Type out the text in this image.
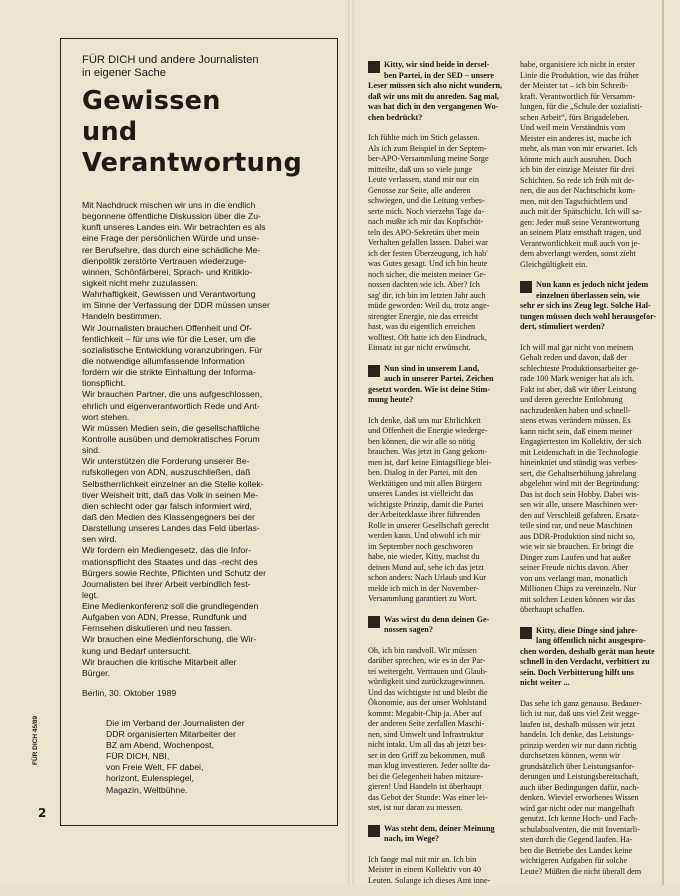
FÜR DICH und andere Journalisten
in eigener Sache
Gewissen
und
Verantwortung
Mit Nachdruck mischen wir uns in die endlich
begonnene öffentliche Diskussion über die Zu-
kunft unseres Landes ein. Wir betrachten es als
eine Frage der persönlichen Würde und unse-
rer Berufsehre, das durch eine schädliche Me-
dienpolitik zerstörte Vertrauen wiederzuge-
winnen, Schönfärberei, Sprach- und Kritiklo-
sigkeit nicht mehr zuzulassen.
Wahrhaftigkeit, Gewissen und Verantwortung
im Sinne der Verfassung der DDR müssen unser
Handeln bestimmen.
Wir Journalisten brauchen Offenheit und Öf-
fentlichkeit – für uns wie für die Leser, um die
sozialistische Entwicklung voranzubringen. Für
die notwendige allumfassende Information
fordern wir die strikte Einhaltung der Informa-
tionspflicht.
Wir brauchen Partner, die uns aufgeschlossen,
ehrlich und eigenverantwortlich Rede und Ant-
wort stehen.
Wir müssen Medien sein, die gesellschaftliche
Kontrolle ausüben und demokratisches Forum
sind.
Wir unterstützen die Forderung unserer Be-
rufskollegen von ADN, auszuschließen, daß
Selbstherrlichkeit einzelner an die Stelle kollek-
tiver Weisheit tritt, daß das Volk in seinen Me-
dien schlecht oder gar falsch informiert wird,
daß den Medien des Klassengegners bei der
Darstellung unseres Landes das Feld überlas-
sen wird.
Wir fordern ein Mediengesetz, das die Infor-
mationspflicht des Staates und das -recht des
Bürgers sowie Rechte, Pflichten und Schutz der
Journalisten bei ihrer Arbeit verbindlich fest-
legt.
Eine Medienkonferenz soll die grundlegenden
Aufgaben von ADN, Presse, Rundfunk und
Fernsehen diskutieren und neu fassen.
Wir brauchen eine Medienforschung, die Wir-
kung und Bedarf untersucht.
Wir brauchen die kritische Mitarbeit aller
Bürger.
Berlin, 30. Oktober 1989
Die im Verband der Journalisten der
DDR organisierten Mitarbeiter der
BZ am Abend, Wochenpost,
FÜR DICH, NBI,
von Freie Welt, FF dabei,
horizont, Eulenspiegel,
Magazin, Weltbühne.
FÜR DICH 45/89
2
Kitty, wir sind beide in dersel-
ben Partei, in der SED – unsere
Leser müssen sich also nicht wundern,
daß wir uns mit du anreden. Sag mal,
was hat dich in den vergangenen Wo-
chen bedrückt?
Ich fühlte mich im Stich gelassen.
Als ich zum Beispiel in der Septem-
ber-APO-Versammlung meine Sorge
mitteilte, daß uns so viele junge
Leute verlassen, stand mir nur ein
Genosse zur Seite, alle anderen
schwiegen, und die Leitung verbes-
serte mich. Noch vierzehn Tage da-
nach mußte ich mir das Kopfschüt-
teln des APO-Sekretärs über mein
Verhalten gefallen lassen. Dabei war
ich der festen Überzeugung, ich hab'
was Gutes gesagt. Und ich bin heute
noch sicher, die meisten meiner Ge-
nossen dachten wie ich. Aber? Ich
sag' dir, ich bin im letzten Jahr auch
müde geworden: Weil du, trotz ange-
strengter Energie, nie das erreicht
hast, was du eigentlich erreichen
wolltest. Oft hatte ich den Eindruck,
Einsatz ist gar nicht erwünscht.
Nun sind in unserem Land,
auch in unserer Partei, Zeichen
gesetzt worden. Wie ist deine Stim-
mung heute?
Ich denke, daß uns nur Ehrlichkeit
und Offenheit die Energie wiederge-
ben können, die wir alle so nötig
brauchen. Was jetzt in Gang gekom-
men ist, darf keine Eintagsfliege blei-
ben. Dialog in der Partei, mit den
Werktätigen und mit allen Bürgern
unseres Landes ist vielleicht das
wichtigste Prinzip, damit die Partei
der Arbeiterklasse ihrer führenden
Rolle in unserer Gesellschaft gerecht
werden kann. Und obwohl ich mir
im September noch geschworen
habe, nie wieder, Kitty, machst du
deinen Mund auf, sehe ich das jetzt
schon anders: Nach Urlaub und Kur
melde ich mich in der November-
Versammlung garantiert zu Wort.
Was wirst du denn deinen Ge-
nossen sagen?
Oh, ich bin randvoll. Wir müssen
darüber sprechen, wie es in der Par-
tei weitergeht. Vertrauen und Glaub-
würdigkeit sind zurückzugewinnen.
Und das wichtigste ist und bleibt die
Ökonomie, aus der unser Wohlstand
kommt: Megabit-Chip ja. Aber auf
der anderen Seite zerfallen Maschi-
nen, sind Umwelt und Infrastruktur
nicht intakt. Um all das ab jetzt bes-
ser in den Griff zu bekommen, muß
man klug investieren. Jeder sollte da-
bei die Gelegenheit haben mitzure-
gieren! Und Handeln ist überhaupt
das Gebot der Stunde: Was einer lei-
stet, ist nur daran zu messen.
Was steht dem, deiner Meinung
nach, im Wege?
Ich fange mal mit mir an. Ich bin
Meister in einem Kollektiv von 40
Leuten. Solange ich dieses Amt inne-
habe, organisiere ich nicht in erster
Linie die Produktion, wie das früher
der Meister tat – ich bin Schreib-
kraft. Verantwortlich für Versamm-
lungen, für die „Schule der sozialisti-
schen Arbeit“, fürs Brigadeleben.
Und weil mein Verständnis vom
Meister ein anderes ist, mache ich
mehr, als man von mir erwartet. Ich
könnte mich auch ausruhen. Doch
ich bin der einzige Meister für drei
Schichten. So rede ich früh mit de-
nen, die aus der Nachtschicht kom-
men, mit den Tagschichtlern und
auch mit der Spätschicht. Ich will sa-
gen: Jeder muß seine Verantwortung
an seinem Platz ernsthaft tragen, und
Verantwortlichkeit muß auch von je-
dem abverlangt werden, sonst zieht
Gleichgültigkeit ein.
Nun kann es jedoch nicht jedem
einzelnen überlassen sein, wie
sehr er sich ins Zeug legt. Solche Hal-
tungen müssen doch wohl herausgefor-
dert, stimuliert werden?
Ich will mal gar nicht von meinem
Gehalt reden und davon, daß der
schlechteste Produktionsarbeiter ge-
rade 100 Mark weniger hat als ich.
Fakt ist aber, daß wir über Leistung
und deren gerechte Entlohnung
nachzudenken haben und schnell-
stens etwas verändern müssen. Es
kann nicht sein, daß einem meiner
Engagiertesten im Kollektiv, der sich
mit Leidenschaft in die Technologie
hineinkniet und ständig was verbes-
sert, die Gehaltserhöhung jahrelang
abgelehnt wird mit der Begründung:
Das ist doch sein Hobby. Dabei wis-
sen wir alle, unsere Maschinen wer-
den auf Verschleiß gefahren. Ersatz-
teile sind rar, und neue Maschinen
aus DDR-Produktion sind nicht so,
wie wir sie brauchen. Er bringt die
Dinger zum Laufen und hat außer
seiner Freude nichts davon. Aber
von uns verlangt man, monatlich
Millionen Chips zu vereinzeln. Nur
mit solchen Leuten können wir das
überhaupt schaffen.
Kitty, diese Dinge sind jahre-
lang öffentlich nicht ausgespro-
chen worden, deshalb gerät man heute
schnell in den Verdacht, verbittert zu
sein. Doch Verbitterung hilft uns
nicht weiter ...
Das sehe ich ganz genauso. Bedauer-
lich ist nur, daß uns viel Zeit wegge-
laufen ist, deshalb müssen wir jetzt
handeln. Ich denke, das Leistungs-
prinzip werden wir nur dann richtig
durchsetzen können, wenn wir
grundsätzlich über Leistungsanfor-
derungen und Leistungsbereitschaft,
auch über Bedingungen dafür, nach-
denken. Wieviel erworbenes Wissen
wird gar nicht oder nur mangelhaft
genutzt. Ich kenne Hoch- und Fach-
schulabsolventen, die mit Inventarli-
sten durch die Gegend laufen. Ha-
ben die Betriebe des Landes keine
wichtigeren Aufgaben für solche
Leute? Müßten die nicht überall dem
